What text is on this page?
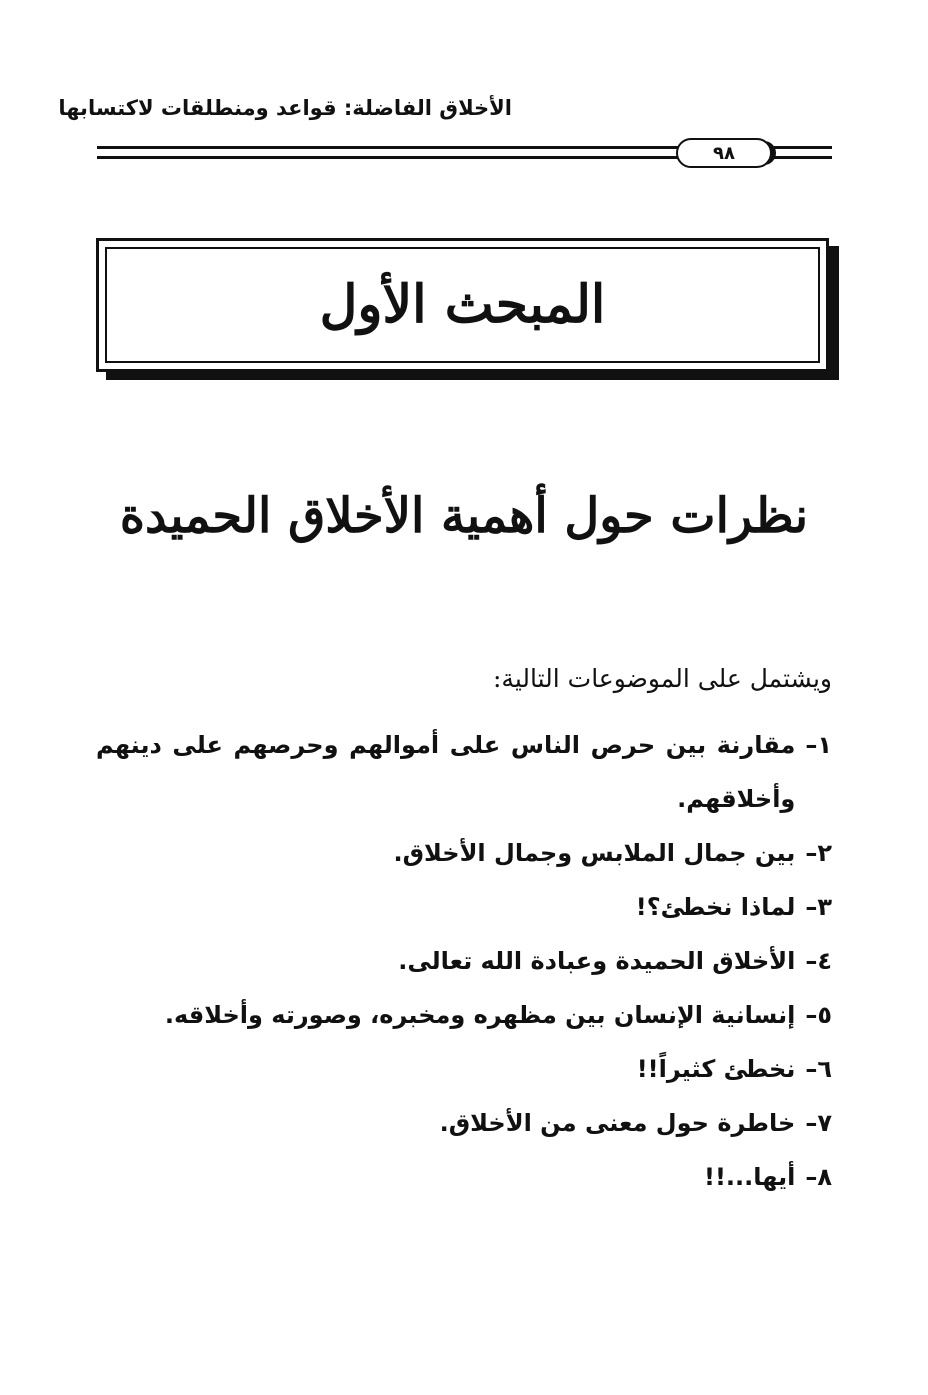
الأخلاق الفاضلة: قواعد ومنطلقات لاكتسابها
٩٨
المبحث الأول
نظرات حول أهمية الأخلاق الحميدة
ويشتمل على الموضوعات التالية:
١–
مقارنة بين حرص الناس على أموالهم وحرصهم على دينهم وأخلاقهم.
٢–
بين جمال الملابس وجمال الأخلاق.
٣–
لماذا نخطئ؟!
٤–
الأخلاق الحميدة وعبادة الله تعالى.
٥–
إنسانية الإنسان بين مظهره ومخبره، وصورته وأخلاقه.
٦–
نخطئ كثيراً!!
٧–
خاطرة حول معنى من الأخلاق.
٨–
أيها...!!
